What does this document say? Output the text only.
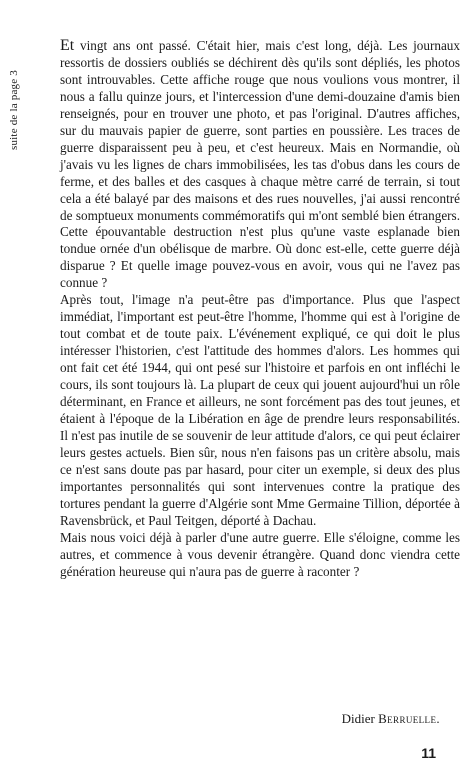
suite de la page 3

Et vingt ans ont passé. C'était hier, mais c'est long, déjà. Les journaux ressortis de dossiers oubliés se déchirent dès qu'ils sont dépliés, les photos sont introuvables. Cette affiche rouge que nous voulions vous montrer, il nous a fallu quinze jours, et l'intercession d'une demi-douzaine d'amis bien renseignés, pour en trouver une photo, et pas l'original. D'autres affiches, sur du mauvais papier de guerre, sont parties en poussière. Les traces de guerre disparaissent peu à peu, et c'est heureux. Mais en Normandie, où j'avais vu les lignes de chars immobilisées, les tas d'obus dans les cours de ferme, et des balles et des casques à chaque mètre carré de terrain, si tout cela a été balayé par des maisons et des rues nouvelles, j'ai aussi rencontré de somptueux monuments commémoratifs qui m'ont semblé bien étrangers. Cette épouvantable destruction n'est plus qu'une vaste esplanade bien tondue ornée d'un obélisque de marbre. Où donc est-elle, cette guerre déjà disparue ? Et quelle image pouvez-vous en avoir, vous qui ne l'avez pas connue ?

Après tout, l'image n'a peut-être pas d'importance. Plus que l'aspect immédiat, l'important est peut-être l'homme, l'homme qui est à l'origine de tout combat et de toute paix. L'événement expliqué, ce qui doit le plus intéresser l'historien, c'est l'attitude des hommes d'alors. Les hommes qui ont fait cet été 1944, qui ont pesé sur l'histoire et parfois en ont infléchi le cours, ils sont toujours là. La plupart de ceux qui jouent aujourd'hui un rôle déterminant, en France et ailleurs, ne sont forcément pas des tout jeunes, et étaient à l'époque de la Libération en âge de prendre leurs responsabilités. Il n'est pas inutile de se souvenir de leur attitude d'alors, ce qui peut éclairer leurs gestes actuels. Bien sûr, nous n'en faisons pas un critère absolu, mais ce n'est sans doute pas par hasard, pour citer un exemple, si deux des plus importantes personnalités qui sont intervenues contre la pratique des tortures pendant la guerre d'Algérie sont Mme Germaine Tillion, déportée à Ravensbrück, et Paul Teitgen, déporté à Dachau.

Mais nous voici déjà à parler d'une autre guerre. Elle s'éloigne, comme les autres, et commence à vous devenir étrangère. Quand donc viendra cette génération heureuse qui n'aura pas de guerre à raconter ?

Didier Berruelle.
11
